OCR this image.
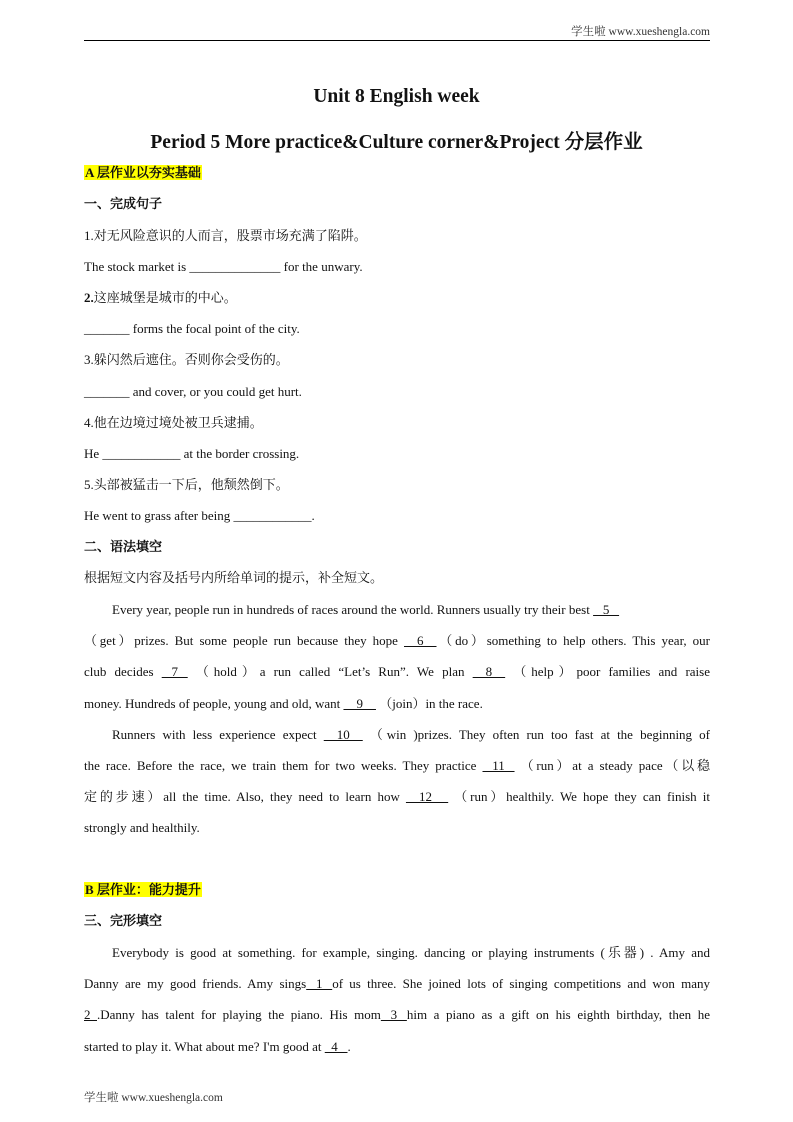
学生啦 www.xueshengla.com
Unit 8 English week
Period 5 More practice&Culture corner&Project 分层作业
A 层作业以夯实基础
一、完成句子
1.对无风险意识的人而言，股票市场充满了陷阱。
The stock market is ______________ for the unwary.
2.这座城堡是城市的中心。
_______ forms the focal point of the city.
3.躲闪然后遮住。否则你会受伤的。
_______ and cover, or you could get hurt.
4.他在边境过境处被卫兵逮捕。
He ____________ at the border crossing.
5.头部被猛击一下后，他颓然倒下。
He went to grass after being ____________.
二、语法填空
根据短文内容及括号内所给单词的提示，补全短文。
Every year, people run in hundreds of races around the world. Runners usually try their best    5
（get）prizes. But some people run because they hope     6    （do）something to help others. This year, our
club decides    7    （hold）a run called “Let’s Run”. We plan     8     （help）poor families and raise
money. Hundreds of people, young and old, want     9     （join）in the race.
Runners with less experience expect     10     （win )prizes. They often run too fast at the beginning of
the race. Before the race, we train them for two weeks. They practice    11    （run）at a steady pace（以稳
定的步速）all the time. Also, they need to learn how     12      （run）healthily. We hope they can finish it
strongly and healthily.
B 层作业：能力提升
三、完形填空
Everybody is good at something. for example, singing. dancing or playing instruments (乐器) . Amy and
Danny are my good friends. Amy sings   1   of us three. She joined lots of singing competitions and won many
2  .Danny has talent for playing the piano. His mom   3   him a piano as a gift on his eighth birthday, then he
started to play it. What about me? I'm good at   4   .
学生啦 www.xueshengla.com
